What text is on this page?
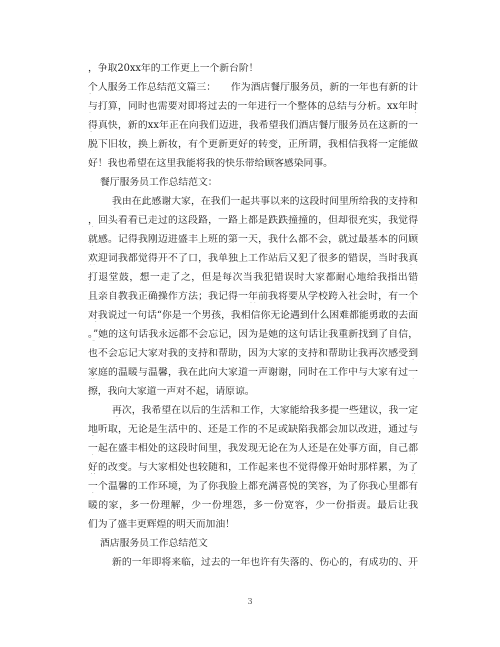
，争取20xx年的工作更上一个新台阶！
个人服务工作总结范文篇三：　　作为酒店餐厅服务员，新的一年也有新的计
与打算，同时也需要对即将过去的一年进行一个整体的总结与分析。xx年时
得真快，新的xx年正在向我们迈进，我希望我们酒店餐厅服务员在这新的一
脱下旧妆，换上新妆，有个更新更好的转变，正所谓，我相信我将一定能做
好！我也希望在这里我能将我的快乐带给顾客感染同事。
餐厅服务员工作总结范文：
我由在此感谢大家，在我们一起共事以来的这段时间里所给我的支持和
，回头看看已走过的这段路，一路上都是跌跌撞撞的，但却很充实，我觉得
就感。记得我刚迈进盛丰上班的第一天，我什么都不会，就过最基本的问顾
欢迎词我都觉得开不了口，我单独上工作站后又犯了很多的错误，当时我真
打退堂鼓，想一走了之，但是每次当我犯错误时大家都耐心地给我指出错
且亲自教我正确操作方法；我记得一年前我将要从学校跨入社会时，有一个
对我说过一句话“你是一个男孩，我相信你无论遇到什么困难都能勇敢的去面
。”她的这句话我永远都不会忘记，因为是她的这句话让我重新找到了自信，
也不会忘记大家对我的支持和帮助，因为大家的支持和帮助让我再次感受到
家庭的温暖与温馨，我在此向大家道一声谢谢，同时在工作中与大家有过一
擦，我向大家道一声对不起，请原谅。
再次，我希望在以后的生活和工作，大家能给我多提一些建议，我一定
地听取，无论是生活中的、还是工作的不足或缺陷我都会加以改进，通过与
一起在盛丰相处的这段时间里，我发现无论在为人还是在处事方面，自己都
好的改变。与大家相处也较随和，工作起来也不觉得像开始时那样累，为了
一个温馨的工作环境，为了你我脸上都充满喜悦的笑容，为了你我心里都有
暖的家，多一份理解，少一份埋怨，多一份宽容，少一份指责。最后让我
们为了盛丰更辉煌的明天而加油！
酒店服务员工作总结范文
新的一年即将来临，过去的一年也许有失落的、伤心的，有成功的、开
3
